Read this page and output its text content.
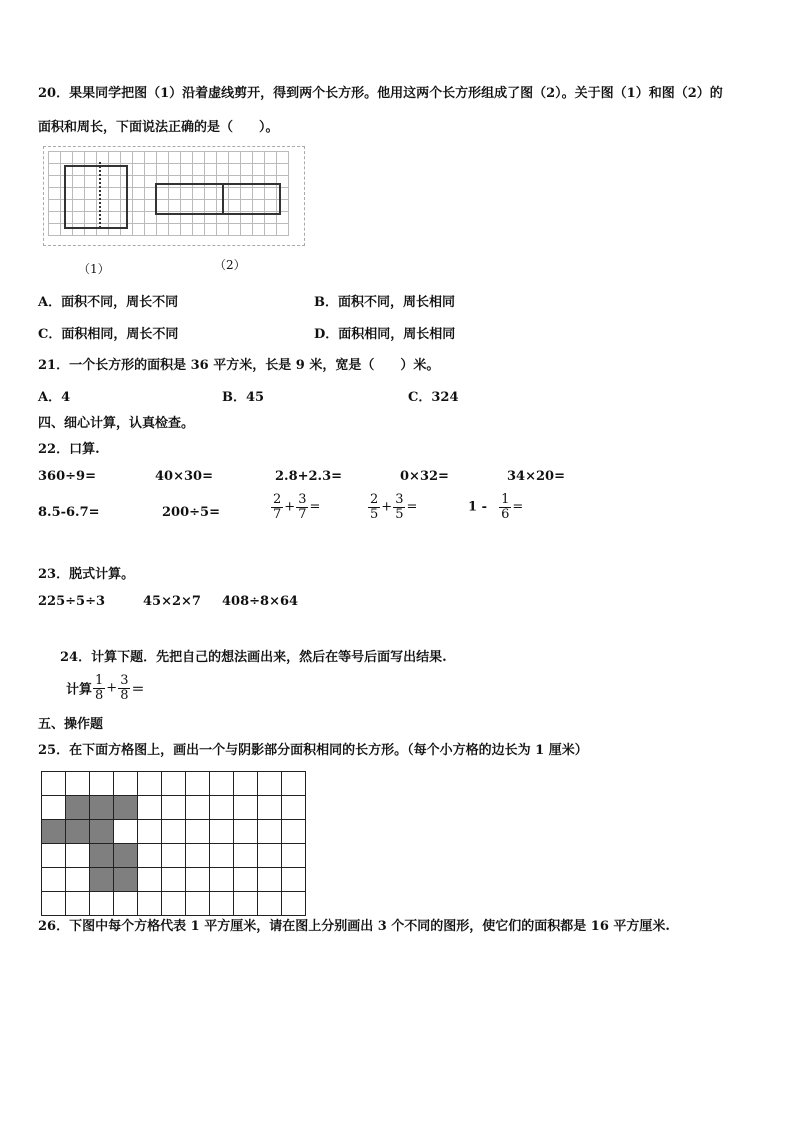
20．果果同学把图（1）沿着虚线剪开，得到两个长方形。他用这两个长方形组成了图（2）。关于图（1）和图（2）的
面积和周长，下面说法正确的是（　　）。

（1）	（2）
A．面积不同，周长不同	B．面积不同，周长相同
C．面积相同，周长不同	D．面积相同，周长相同
21．一个长方形的面积是 36 平方米，长是 9 米，宽是（　　）米。
A．4	B．45	C．324
四、细心计算，认真检查。
22．口算.
360÷9=	40×30=	2.8+2.3=	0×32=	34×20=
8.5-6.7=	200÷5=	$\frac{2}{7} + \frac{3}{7}$ =	$\frac{2}{5} + \frac{3}{5}$ =	$1 - \frac{1}{6}$ =
23．脱式计算。
225÷5÷3	45×2×7 408÷8×64
24．计算下题．先把自己的想法画出来，然后在等号后面写出结果.
计算 $\frac{1}{8} + \frac{3}{8}$ ＝
五、操作题
25．在下面方格图上，画出一个与阴影部分面积相同的长方形。（每个小方格的边长为 1 厘米）

26．下图中每个方格代表 1 平方厘米，请在图上分别画出 3 个不同的图形，使它们的面积都是 16 平方厘米.
